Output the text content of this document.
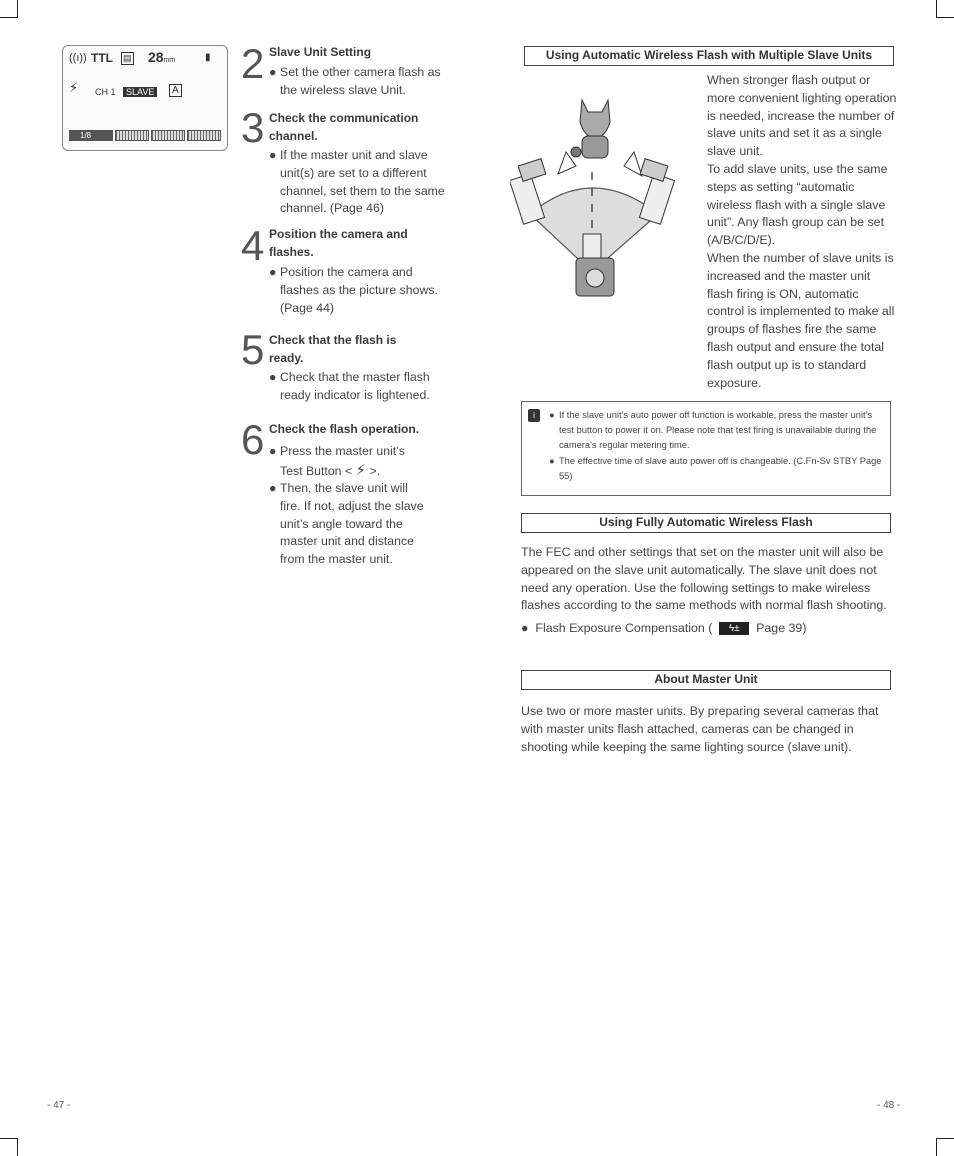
((ı)) TTL ▤ 28mm	▮
⚡︎ CH 1	SLAVE	A
1/8
2 Slave Unit Setting
● Set the other camera flash as the wireless slave Unit.
3 Check the communication channel.
● If the master unit and slave unit(s) are set to a different channel, set them to the same channel. (Page 46)
4 Position the camera and flashes.
● Position the camera and flashes as the picture shows. (Page 44)
5 Check that the flash is ready.
● Check that the master flash ready indicator is lightened.
6 Check the flash operation.
● Press the master unit’s Test Button < ⚡︎ >.
● Then, the slave unit will fire. If not, adjust the slave unit’s angle toward the master unit and distance from the master unit.
Using Automatic Wireless Flash with Multiple Slave Units
When stronger flash output or more convenient lighting operation is needed, increase the number of slave units and set it as a single slave unit.
To add slave units, use the same steps as setting “automatic wireless flash with a single slave unit”. Any flash group can be set (A/B/C/D/E).
When the number of slave units is increased and the master unit flash firing is ON, automatic control is implemented to make all groups of flashes fire the same flash output and ensure the total flash output up is to standard exposure.
i	● If the slave unit’s auto power off function is workable, press the master unit’s test button to power it on. Please note that test firing is unavailable during the camera’s regular metering time.
● The effective time of slave auto power off is changeable. (C.Fn-Sv STBY Page 55)
Using Fully Automatic Wireless Flash
The FEC and other settings that set on the master unit will also be appeared on the slave unit automatically. The slave unit does not need any operation. Use the following settings to make wireless flashes according to the same methods with normal flash shooting.
●  Flash Exposure Compensation ( ϟ± Page 39)
About Master Unit
Use two or more master units. By preparing several cameras that with master units flash attached, cameras can be changed in shooting while keeping the same lighting source (slave unit).
- 47 -	- 48 -
